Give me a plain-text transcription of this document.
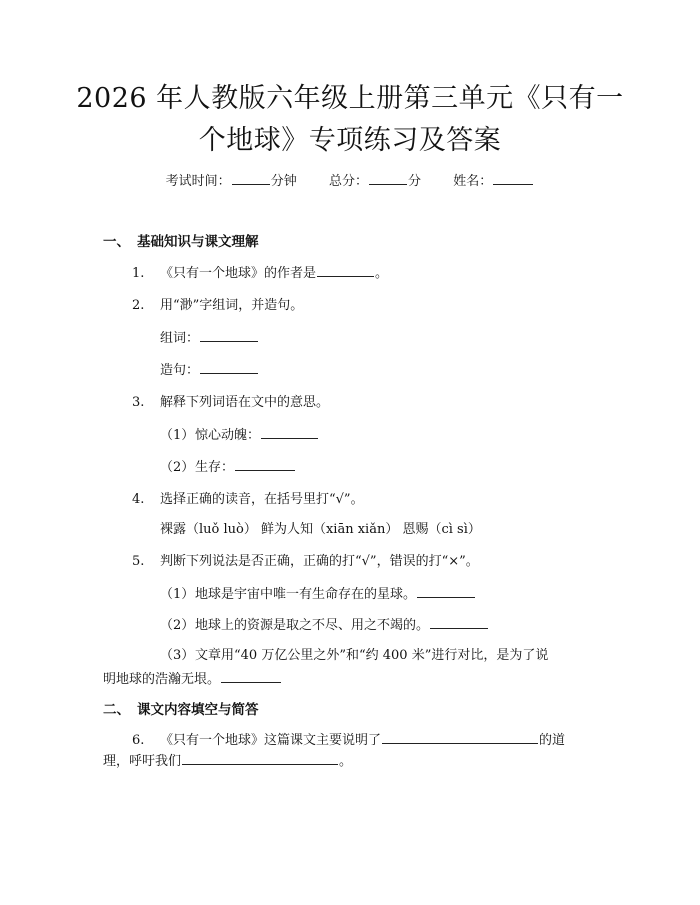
2026 年人教版六年级上册第三单元《只有一
个地球》专项练习及答案
考试时间：	分钟 总分：	分 姓名：
一、 基础知识与课文理解
1. 《只有一个地球》的作者是	。
2. 用“渺”字组词，并造句。
组词：
造句：
3. 解释下列词语在文中的意思。
（1）惊心动魄：
（2）生存：
4. 选择正确的读音，在括号里打“√”。
裸露（luǒ luò） 鲜为人知（xiān xiǎn） 恩赐（cì sì）
5. 判断下列说法是否正确，正确的打“√”，错误的打“×”。
（1）地球是宇宙中唯一有生命存在的星球。
（2）地球上的资源是取之不尽、用之不竭的。
（3）文章用“40 万亿公里之外”和“约 400 米”进行对比，是为了说
明地球的浩瀚无垠。
二、 课文内容填空与简答
6. 《只有一个地球》这篇课文主要说明了	的道
理，呼吁我们	。
